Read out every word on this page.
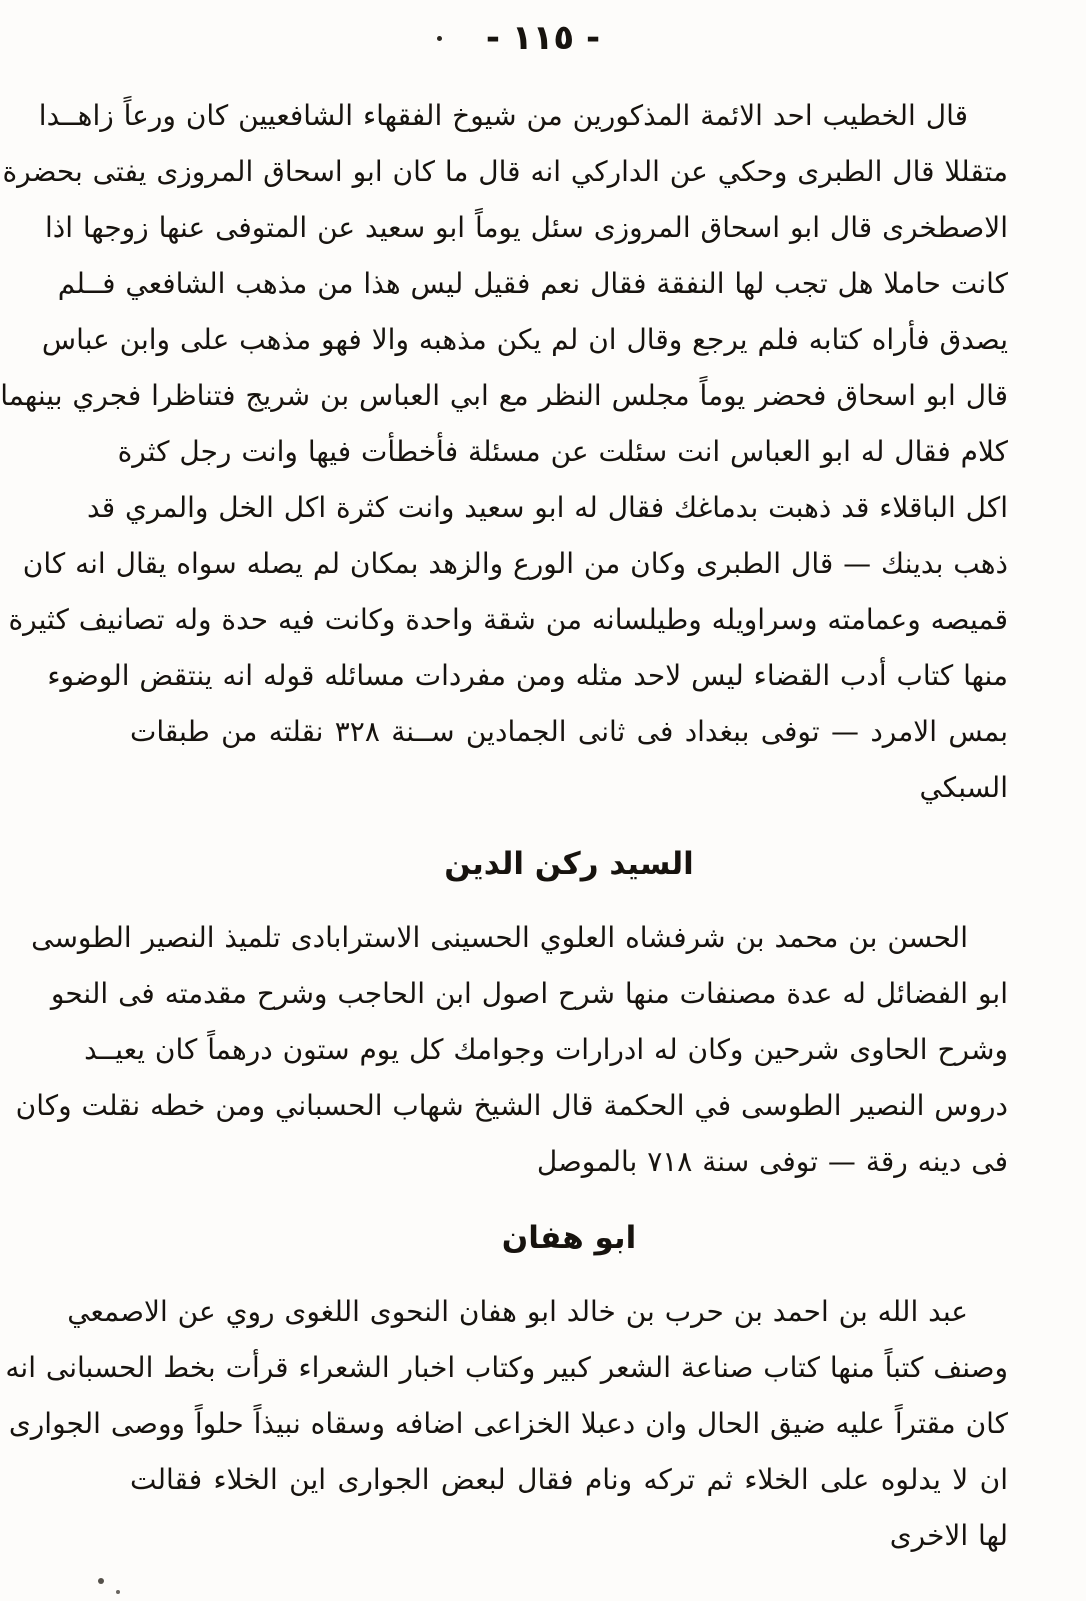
- ١١٥ -
قال الخطيب احد الائمة المذكورين من شيوخ الفقهاء الشافعيين كان ورعاً زاهــدا
متقللا قال الطبرى وحكي عن الداركي انه قال ما كان ابو اسحاق المروزى يفتى بحضرة
الاصطخرى قال ابو اسحاق المروزى سئل يوماً ابو سعيد عن المتوفى عنها زوجها اذا
كانت حاملا هل تجب لها النفقة فقال نعم فقيل ليس هذا من مذهب الشافعي فــلم
يصدق فأراه كتابه فلم يرجع وقال ان لم يكن مذهبه والا فهو مذهب على وابن عباس
قال ابو اسحاق فحضر يوماً مجلس النظر مع ابي العباس بن شريج فتناظرا فجري بينهما
كلام فقال له ابو العباس انت سئلت عن مسئلة فأخطأت فيها وانت رجل كثرة
اكل الباقلاء قد ذهبت بدماغك فقال له ابو سعيد وانت كثرة اكل الخل والمري قد
ذهب بدينك — قال الطبرى وكان من الورع والزهد بمكان لم يصله سواه يقال انه كان
قميصه وعمامته وسراويله وطيلسانه من شقة واحدة وكانت فيه حدة وله تصانيف كثيرة
منها كتاب أدب القضاء ليس لاحد مثله ومن مفردات مسائله قوله انه ينتقض الوضوء
بمس الامرد — توفى ببغداد فى ثانى الجمادين ســنة ٣٢٨ نقلته من طبقات السبكي
السيد ركن الدين
الحسن بن محمد بن شرفشاه العلوي الحسينى الاسترابادى تلميذ النصير الطوسى
ابو الفضائل له عدة مصنفات منها شرح اصول ابن الحاجب وشرح مقدمته فى النحو
وشرح الحاوى شرحين وكان له ادرارات وجوامك كل يوم ستون درهماً كان يعيــد
دروس النصير الطوسى في الحكمة قال الشيخ شهاب الحسباني ومن خطه نقلت وكان
فى دينه رقة — توفى سنة ٧١٨ بالموصل
ابو هفان
عبد الله بن احمد بن حرب بن خالد ابو هفان النحوى اللغوى روي عن الاصمعي
وصنف كتباً منها كتاب صناعة الشعر كبير وكتاب اخبار الشعراء قرأت بخط الحسبانى انه
كان مقتراً عليه ضيق الحال وان دعبلا الخزاعى اضافه وسقاه نبيذاً حلواً ووصى الجوارى
ان لا يدلوه على الخلاء ثم تركه ونام فقال لبعض الجوارى اين الخلاء فقالت لها الاخرى
